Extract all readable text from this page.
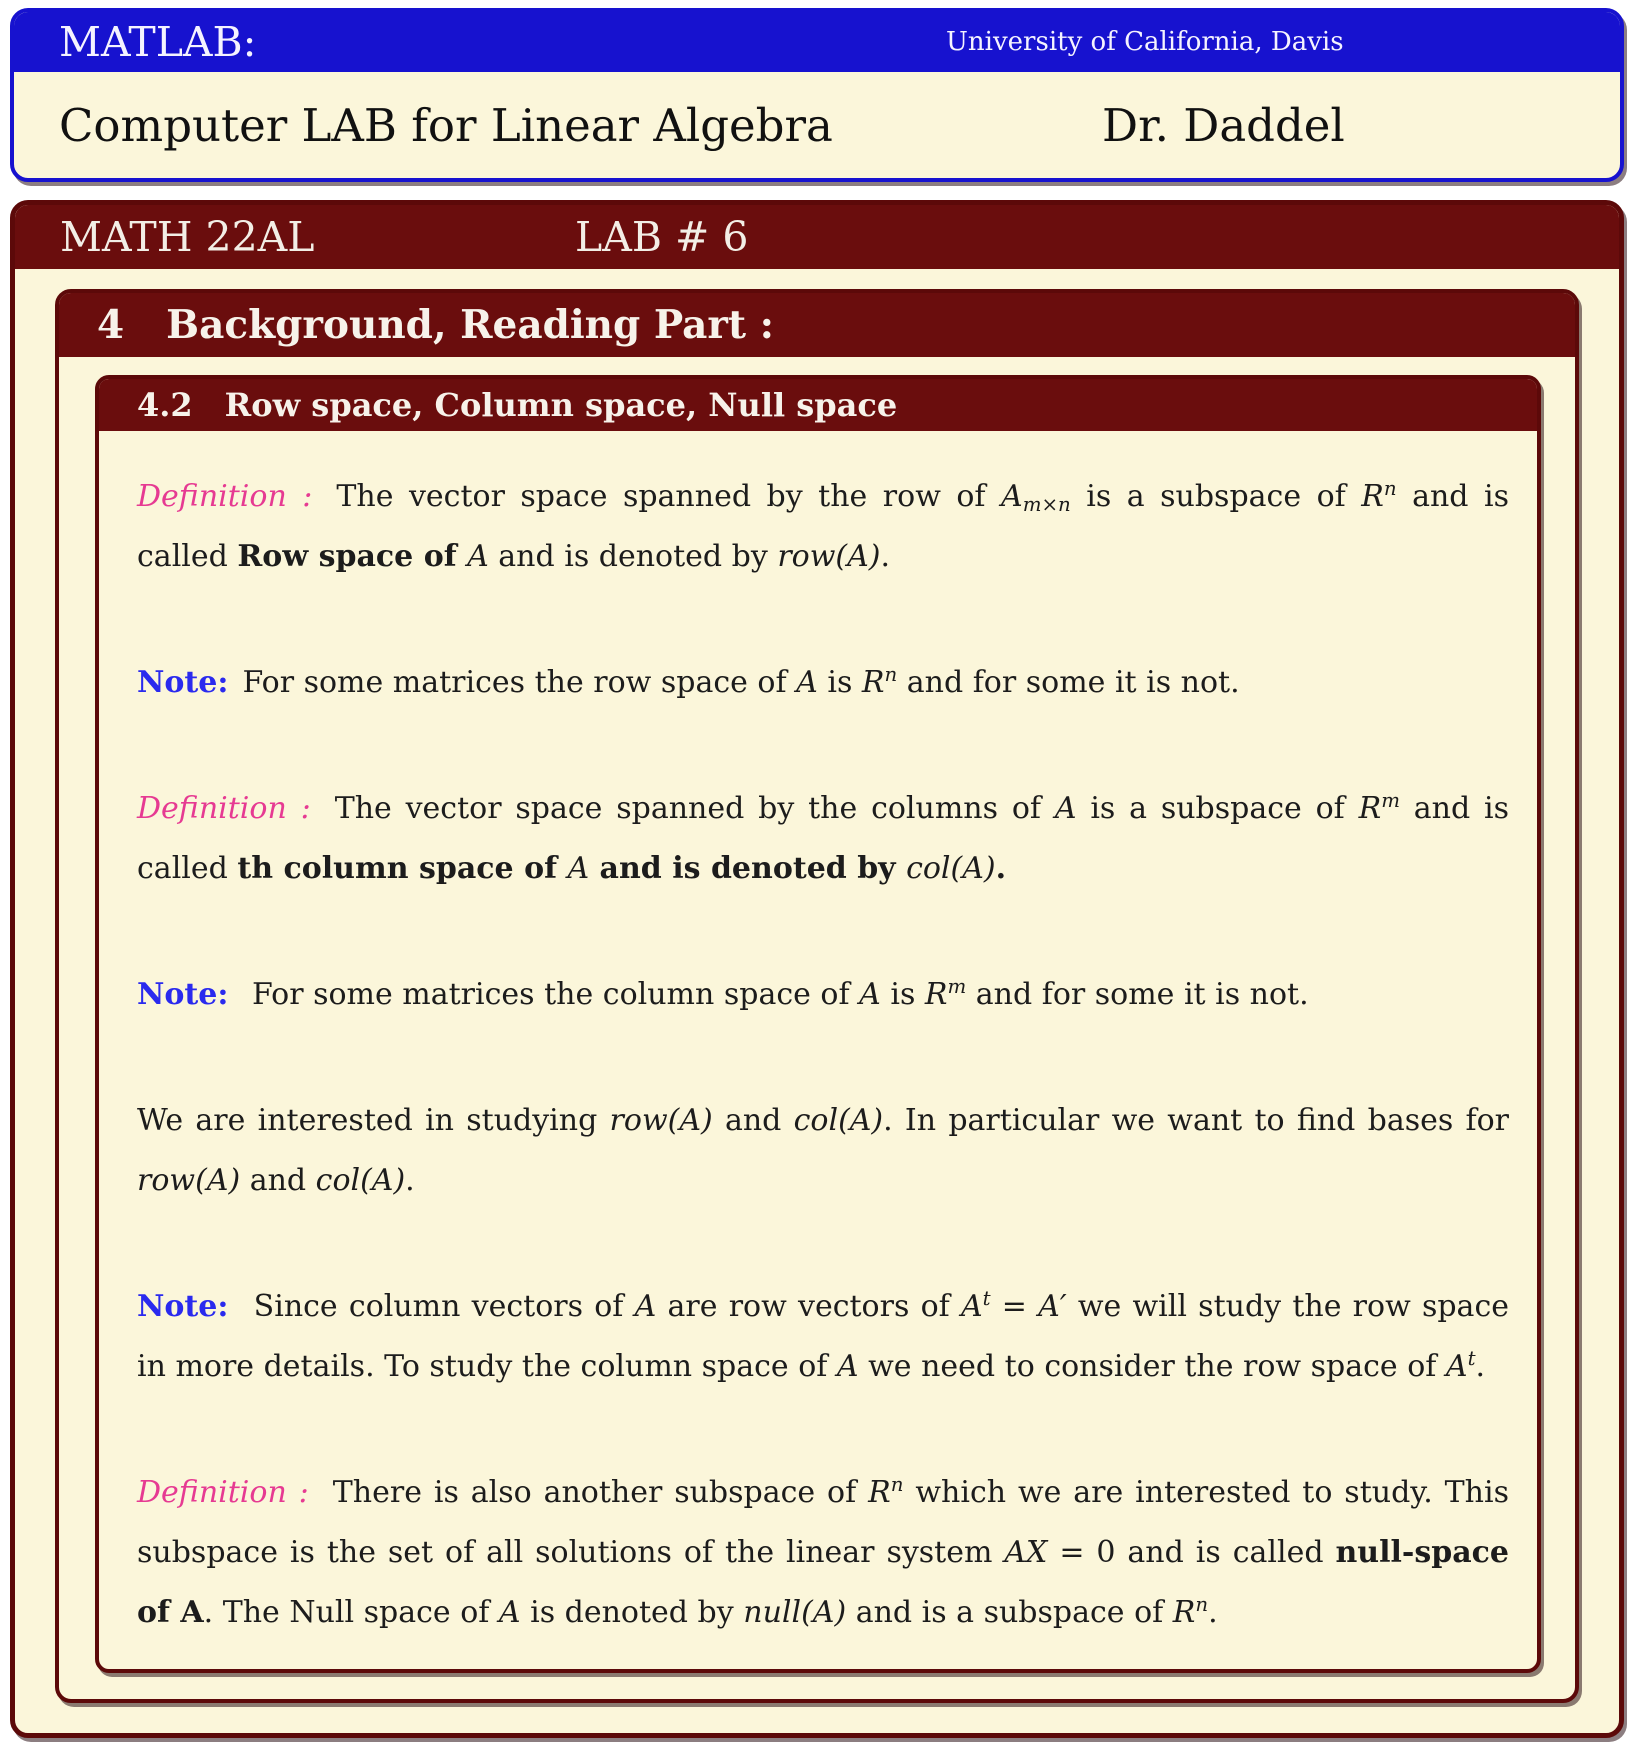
MATLAB:	University of California, Davis
Computer LAB for Linear Algebra	Dr. Daddel
MATH 22AL	LAB # 6
4 Background, Reading Part :
4.2 Row space, Column space, Null space

Definition : The vector space spanned by the row of Am×n is a subspace of $R^n$ and is called Row space of A and is denoted by row(A).

Note: For some matrices the row space of A is $R^n$ and for some it is not.

Definition : The vector space spanned by the columns of A is a subspace of $R^m$ and is called th column space of A and is denoted by col(A).

Note: For some matrices the column space of A is $R^m$ and for some it is not.

We are interested in studying row(A) and col(A). In particular we want to find bases for row(A) and col(A).

Note: Since column vectors of A are row vectors of $A^t = A'$ we will study the row space in more details. To study the column space of A we need to consider the row space of $A^t$.

Definition : There is also another subspace of $R^n$ which we are interested to study. This subspace is the set of all solutions of the linear system AX = 0 and is called null-space of A. The Null space of A is denoted by null(A) and is a subspace of $R^n$.
